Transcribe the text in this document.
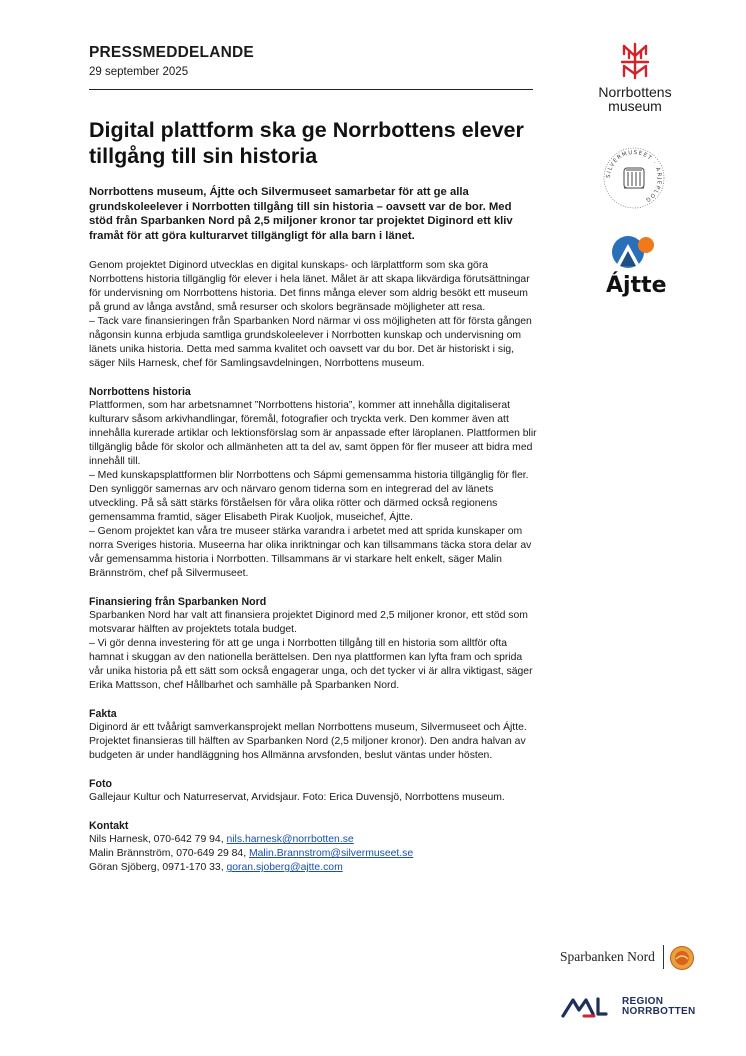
PRESSMEDDELANDE
29 september 2025
Digital plattform ska ge Norrbottens elever tillgång till sin historia

Norrbottens museum, Ájtte och Silvermuseet samarbetar för att ge alla grundskoleelever i Norrbotten tillgång till sin historia – oavsett var de bor. Med stöd från Sparbanken Nord på 2,5 miljoner kronor tar projektet Diginord ett kliv framåt för att göra kulturarvet tillgängligt för alla barn i länet.

Genom projektet Diginord utvecklas en digital kunskaps- och lärplattform som ska göra Norrbottens historia tillgänglig för elever i hela länet. Målet är att skapa likvärdiga förutsättningar för undervisning om Norrbottens historia. Det finns många elever som aldrig besökt ett museum på grund av långa avstånd, små resurser och skolors begränsade möjligheter att resa.

– Tack vare finansieringen från Sparbanken Nord närmar vi oss möjligheten att för första gången någonsin kunna erbjuda samtliga grundskoleelever i Norrbotten kunskap och undervisning om länets unika historia. Detta med samma kvalitet och oavsett var du bor. Det är historiskt i sig, säger Nils Harnesk, chef för Samlingsavdelningen, Norrbottens museum.

Norrbottens historia

Plattformen, som har arbetsnamnet ”Norrbottens historia”, kommer att innehålla digitaliserat kulturarv såsom arkivhandlingar, föremål, fotografier och tryckta verk. Den kommer även att innehålla kurerade artiklar och lektionsförslag som är anpassade efter läroplanen. Plattformen blir tillgänglig både för skolor och allmänheten att ta del av, samt öppen för fler museer att bidra med innehåll till.

– Med kunskapsplattformen blir Norrbottens och Sápmi gemensamma historia tillgänglig för fler. Den synliggör samernas arv och närvaro genom tiderna som en integrerad del av länets utveckling. På så sätt stärks förståelsen för våra olika rötter och därmed också regionens gemensamma framtid, säger Elisabeth Pirak Kuoljok, museichef, Ájtte.

– Genom projektet kan våra tre museer stärka varandra i arbetet med att sprida kunskaper om norra Sveriges historia. Museerna har olika inriktningar och kan tillsammans täcka stora delar av vår gemensamma historia i Norrbotten. Tillsammans är vi starkare helt enkelt, säger Malin Brännström, chef på Silvermuseet.

Finansiering från Sparbanken Nord

Sparbanken Nord har valt att finansiera projektet Diginord med 2,5 miljoner kronor, ett stöd som motsvarar hälften av projektets totala budget.

– Vi gör denna investering för att ge unga i Norrbotten tillgång till en historia som alltför ofta hamnat i skuggan av den nationella berättelsen. Den nya plattformen kan lyfta fram och sprida vår unika historia på ett sätt som också engagerar unga, och det tycker vi är allra viktigast, säger Erika Mattsson, chef Hållbarhet och samhälle på Sparbanken Nord.

Fakta

Diginord är ett tvåårigt samverkansprojekt mellan Norrbottens museum, Silvermuseet och Ájtte. Projektet finansieras till hälften av Sparbanken Nord (2,5 miljoner kronor). Den andra halvan av budgeten är under handläggning hos Allmänna arvsfonden, beslut väntas under hösten.

Foto

Gallejaur Kultur och Naturreservat, Arvidsjaur. Foto: Erica Duvensjö, Norrbottens museum.

Kontakt

Nils Harnesk, 070-642 79 94, nils.harnesk@norrbotten.se

Malin Brännström, 070-649 29 84, Malin.Brannstrom@silvermuseet.se

Göran Sjöberg, 0971-170 33, goran.sjoberg@ajtte.com

Norrbottens
museum
SILVERMUSEET · ARJEPLOG
Ájtte
Sparbanken Nord
REGION
NORRBOTTEN
